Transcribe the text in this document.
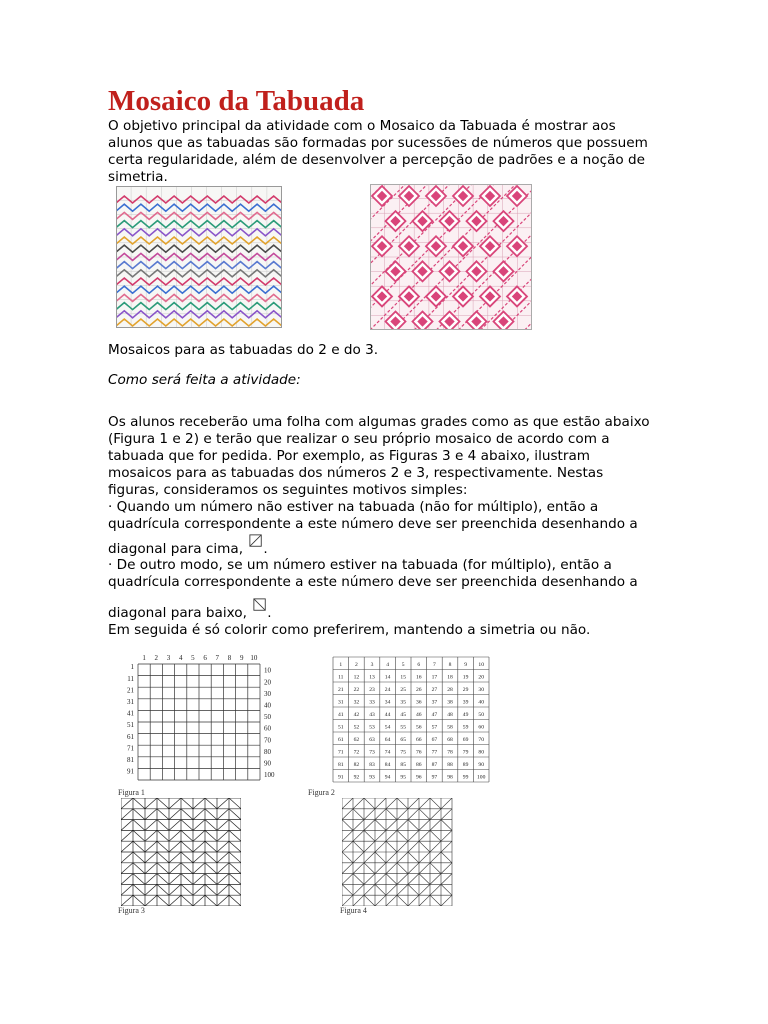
Mosaico da Tabuada

O objetivo principal da atividade com o Mosaico da Tabuada é mostrar aos

alunos que as tabuadas são formadas por sucessões de números que possuem

certa regularidade, além de desenvolver a percepção de padrões e a noção de

simetria.

Mosaicos para as tabuadas do 2 e do 3.
Como será feita a atividade:

Os alunos receberão uma folha com algumas grades como as que estão abaixo

(Figura 1 e 2) e terão que realizar o seu próprio mosaico de acordo com a

tabuada que for pedida. Por exemplo, as Figuras 3 e 4 abaixo, ilustram

mosaicos para as tabuadas dos números 2 e 3, respectivamente. Nestas

figuras, consideramos os seguintes motivos simples:

· Quando um número não estiver na tabuada (não for múltiplo), então a

quadrícula correspondente a este número deve ser preenchida desenhando a

diagonal para cima, .

· De outro modo, se um número estiver na tabuada (for múltiplo), então a

quadrícula correspondente a este número deve ser preenchida desenhando a

diagonal para baixo, .
Em seguida é só colorir como preferirem, mantendo a simetria ou não.
1 2 3 4 5 6 7 8 9 10
1
11
21
31
41
51
61
71
81
91
10
20
30
40
50
60
70
80
90
100
Figura 1
1 2 3 4 5 6 7 8 9 10
11 12 13 14 15 16 17 18 19 20
21 22 23 24 25 26 27 28 29 30
31 32 33 34 35 36 37 38 39 40
41 42 43 44 45 46 47 48 49 50
51 52 53 54 55 56 57 58 59 60
61 62 63 64 65 66 67 68 69 70
71 72 73 74 75 76 77 78 79 80
81 82 83 84 85 86 87 88 89 90
91 92 93 94 95 96 97 98 99 100
Figura 2
Figura 3	Figura 4
